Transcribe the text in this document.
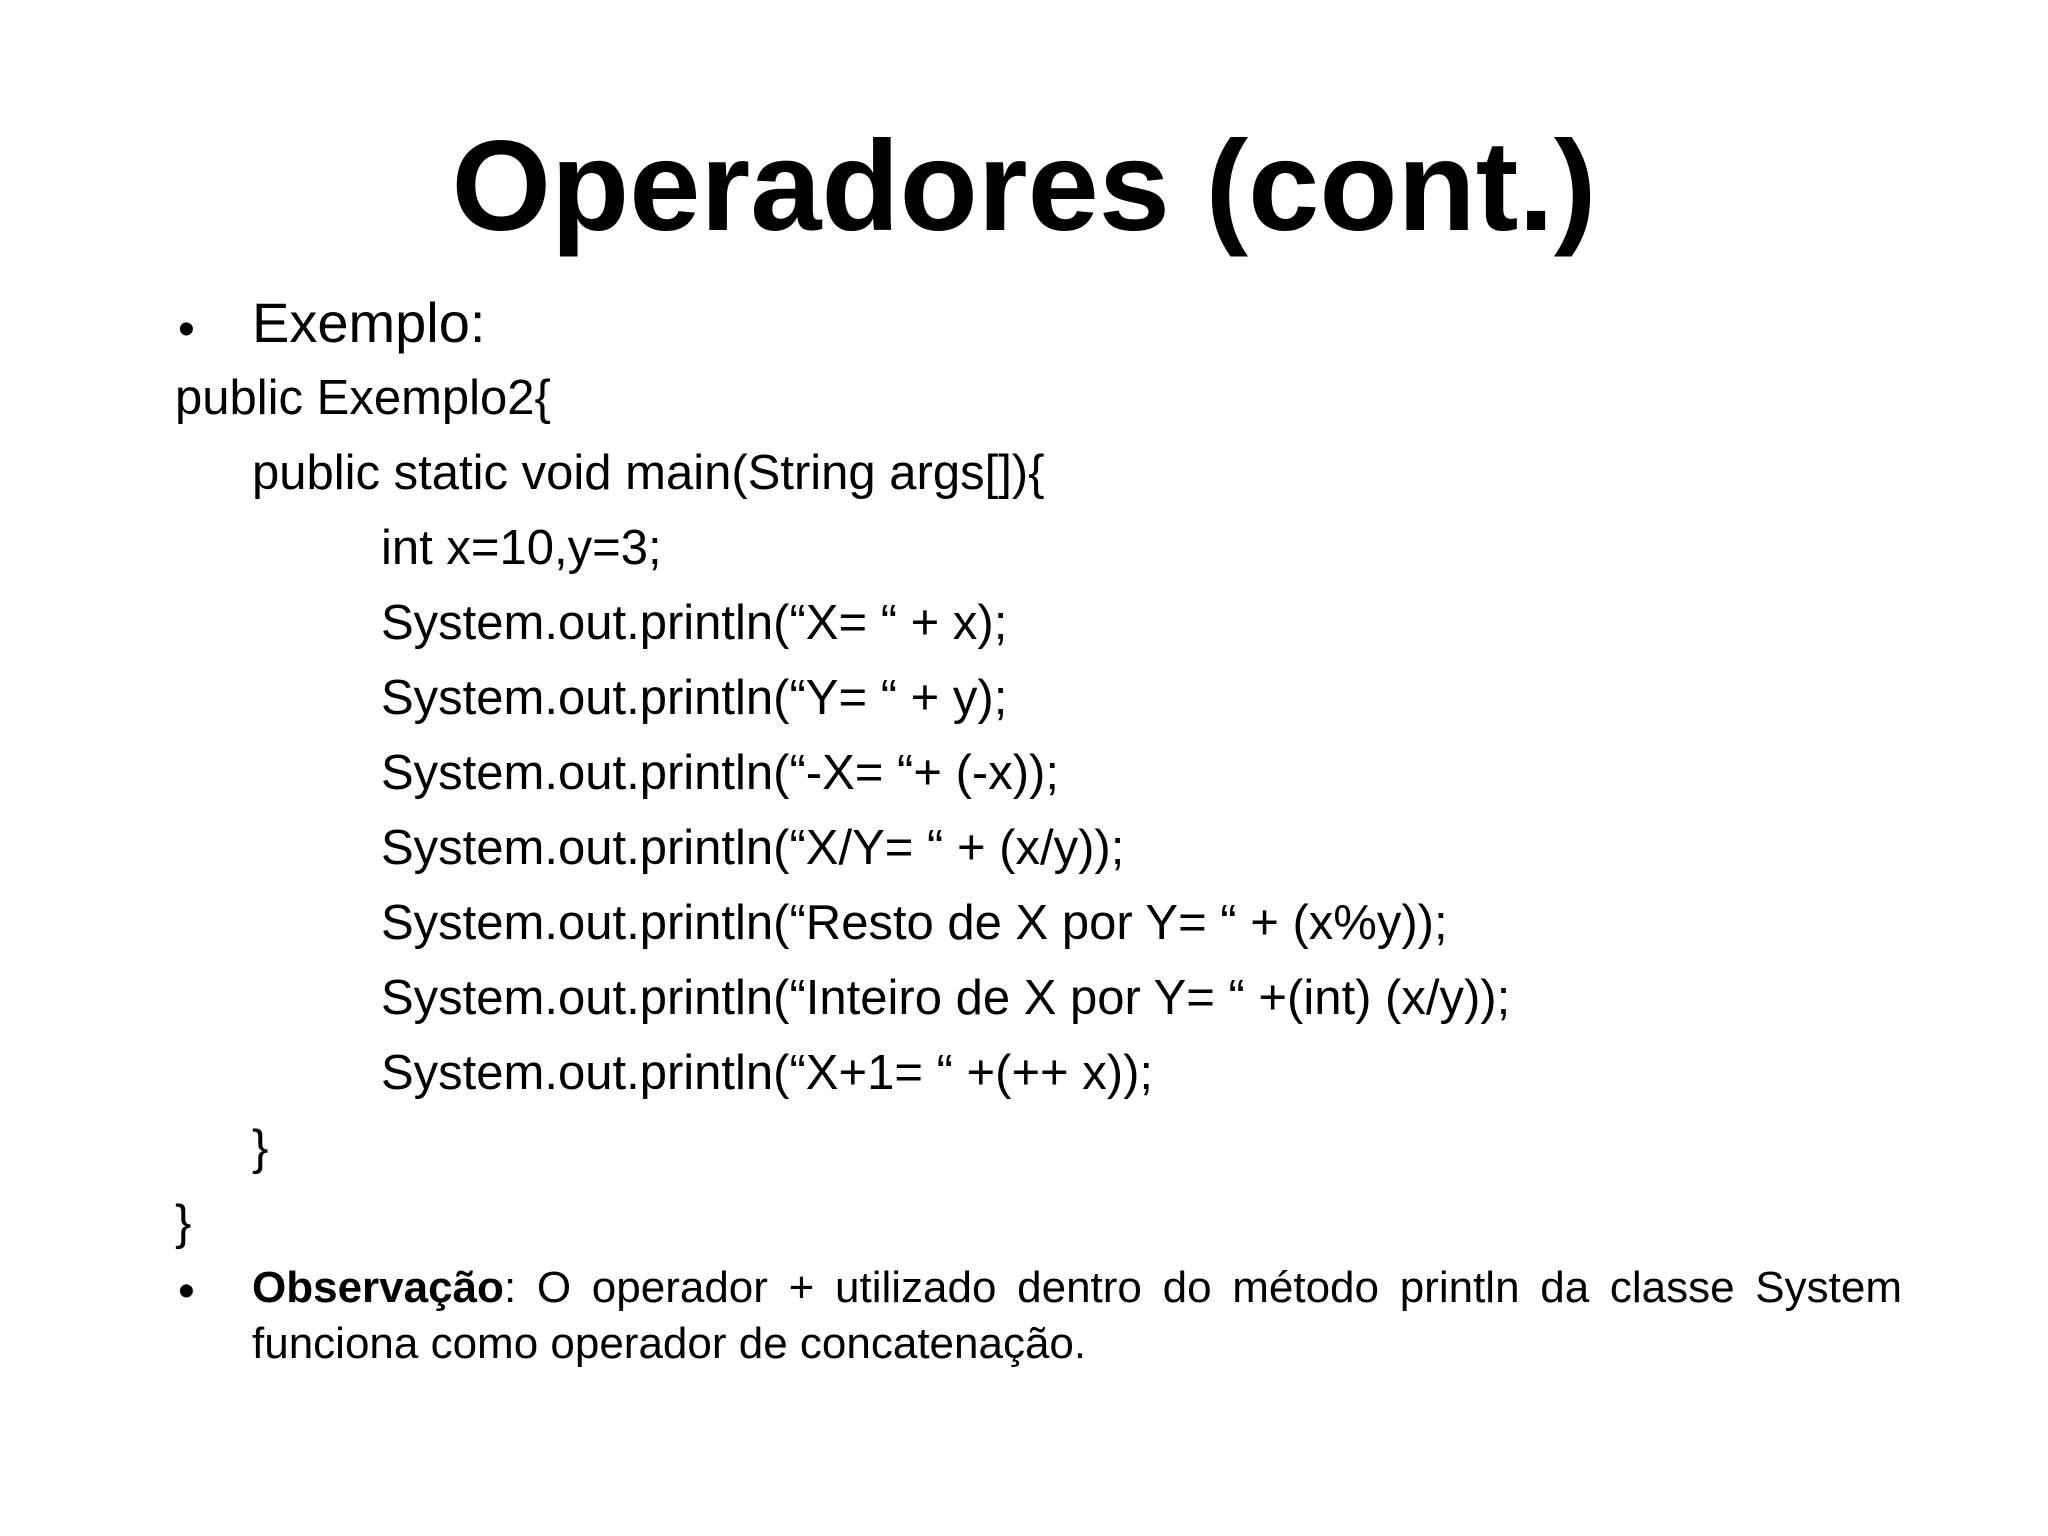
Operadores (cont.)
• Exemplo:
public Exemplo2{
public static void main(String args[]){
int x=10,y=3;
System.out.println(“X= “ + x);
System.out.println(“Y= “ + y);
System.out.println(“-X= “+ (-x));
System.out.println(“X/Y= “ + (x/y));
System.out.println(“Resto de X por Y= “ + (x%y));
System.out.println(“Inteiro de X por Y= “ +(int) (x/y));
System.out.println(“X+1= “ +(++ x));
}
}
• Observação: O operador + utilizado dentro do método println da classe System funciona como operador de concatenação.
